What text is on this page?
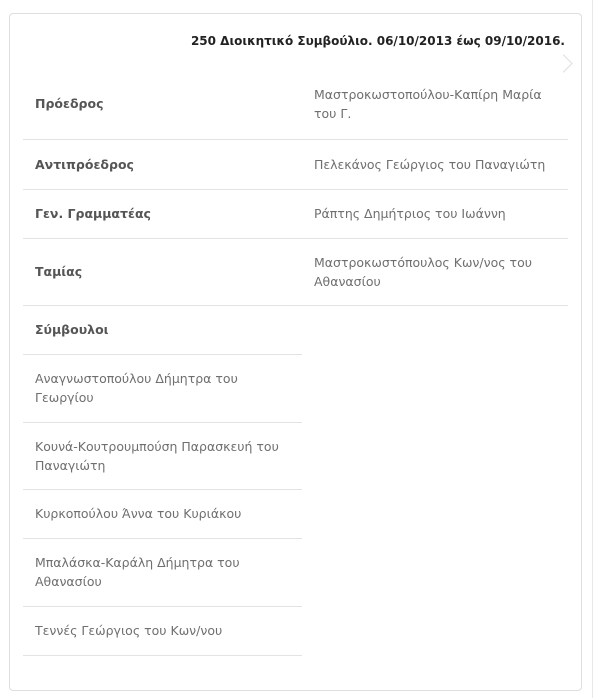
250 Διοικητικό Συμβούλιο. 06/10/2013 έως 09/10/2016.
Πρόεδρος	Μαστροκωστοπούλου-Καπίρη Μαρία του Γ.
Αντιπρόεδρος	Πελεκάνος Γεώργιος του Παναγιώτη
Γεν. Γραμματέας	Ράπτης Δημήτριος του Ιωάννη
Ταμίας	Μαστροκωστόπουλος Κων/νος του Αθανασίου
Σύμβουλοι	
Αναγνωστοπούλου Δήμητρα του Γεωργίου	
Κουνά-Κουτρουμπούση Παρασκευή του Παναγιώτη	
Κυρκοπούλου Άννα του Κυριάκου	
Μπαλάσκα-Καράλη Δήμητρα του Αθανασίου	
Τεννές Γεώργιος του Κων/νου	
